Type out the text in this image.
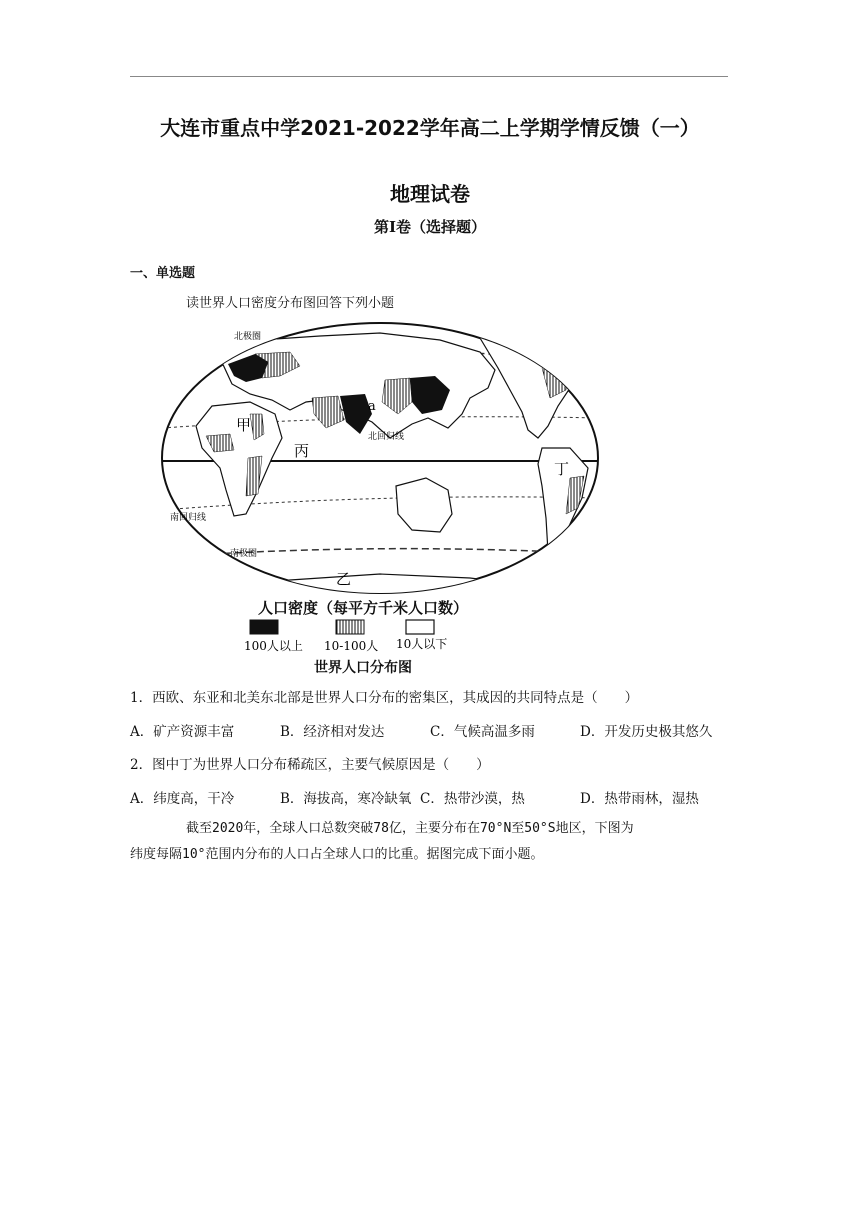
大连市重点中学2021-2022学年高二上学期学情反馈（一）
地理试卷
第I卷（选择题）
一、单选题
读世界人口密度分布图回答下列小题
北极圈
北回归线
南回归线
南极圈
甲
丙
丁
乙
a
人口密度（每平方千米人口数）
100人以上 10-100人 10人以下
世界人口分布图
1．西欧、东亚和北美东北部是世界人口分布的密集区，其成因的共同特点是（　　）
A．矿产资源丰富	B．经济相对发达	C．气候高温多雨	D．开发历史极其悠久
2．图中丁为世界人口分布稀疏区，主要气候原因是（　　）
A．纬度高，干冷	B．海拔高，寒冷缺氧 C．热带沙漠，热	D．热带雨林，湿热
截至2020年，全球人口总数突破78亿，主要分布在70°N至50°S地区，下图为
纬度每隔10°范围内分布的人口占全球人口的比重。据图完成下面小题。
